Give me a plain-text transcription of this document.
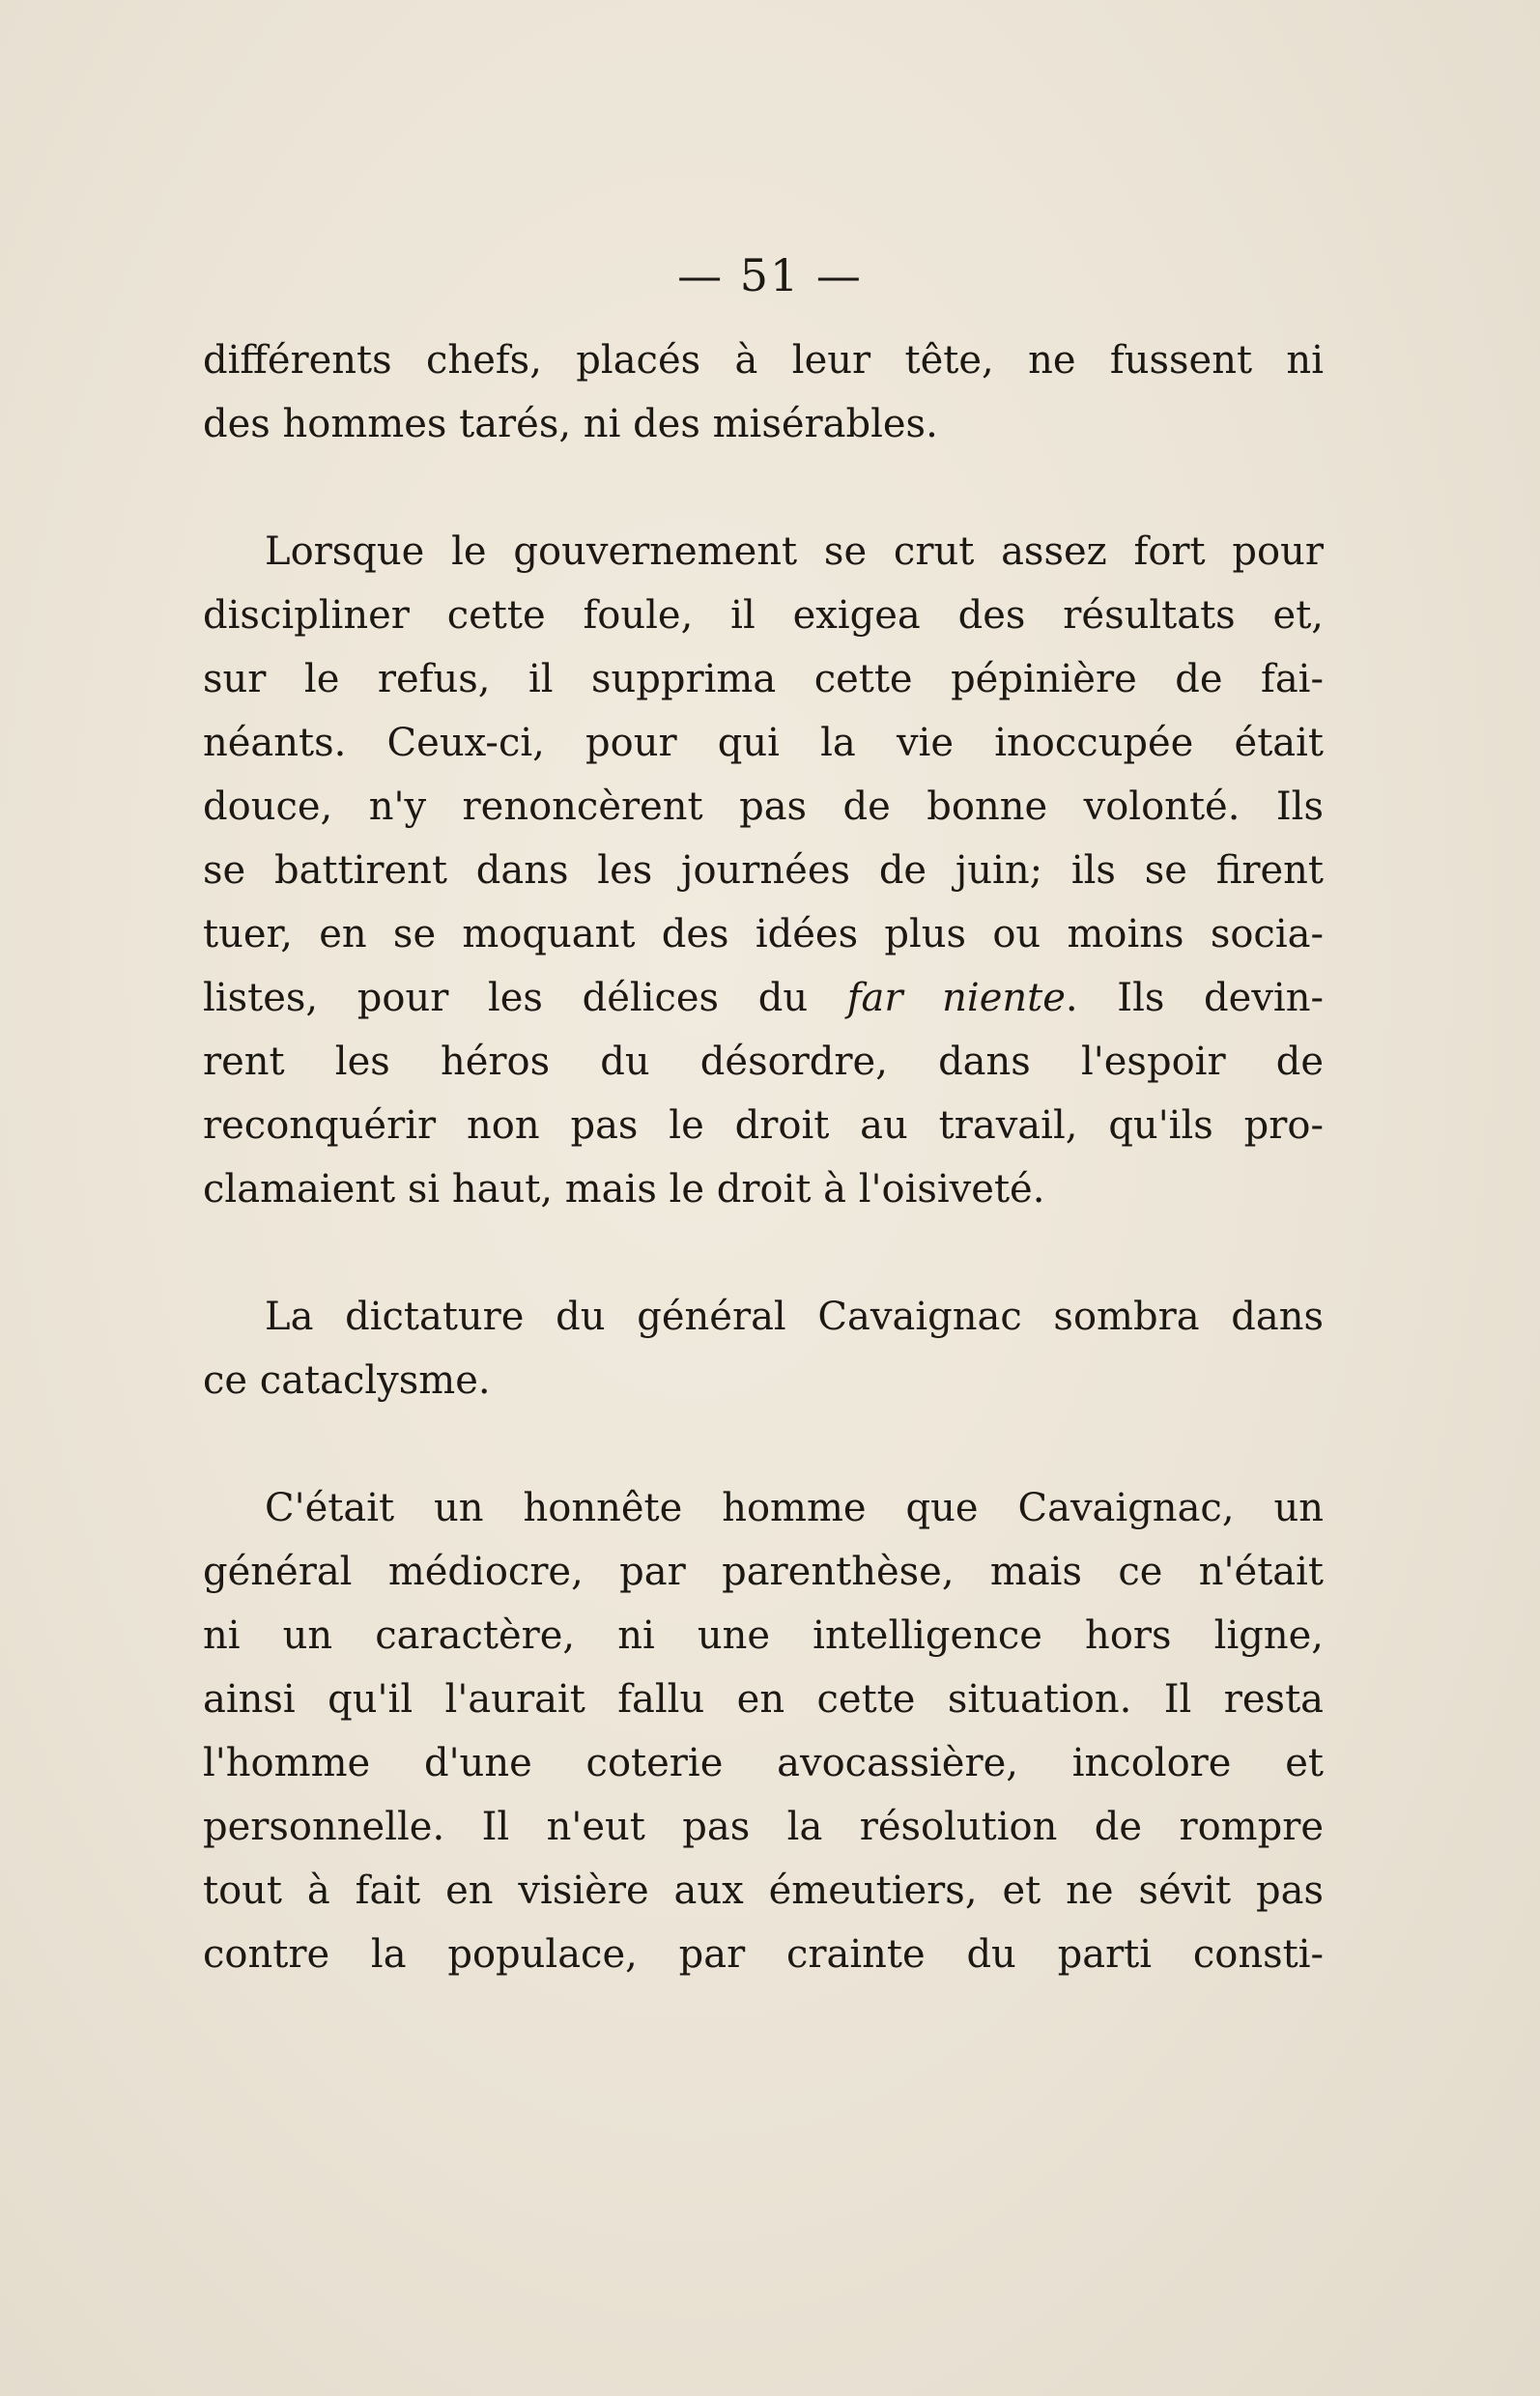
— 51 —
différents chefs, placés à leur tête, ne fussent ni
des hommes tarés, ni des misérables.
Lorsque le gouvernement se crut assez fort pour
discipliner cette foule, il exigea des résultats et,
sur le refus, il supprima cette pépinière de fai-
néants. Ceux-ci, pour qui la vie inoccupée était
douce, n'y renoncèrent pas de bonne volonté. Ils
se battirent dans les journées de juin; ils se firent
tuer, en se moquant des idées plus ou moins socia-
listes, pour les délices du far niente. Ils devin-
rent les héros du désordre, dans l'espoir de
reconquérir non pas le droit au travail, qu'ils pro-
clamaient si haut, mais le droit à l'oisiveté.
La dictature du général Cavaignac sombra dans
ce cataclysme.
C'était un honnête homme que Cavaignac, un
général médiocre, par parenthèse, mais ce n'était
ni un caractère, ni une intelligence hors ligne,
ainsi qu'il l'aurait fallu en cette situation. Il resta
l'homme d'une coterie avocassière, incolore et
personnelle. Il n'eut pas la résolution de rompre
tout à fait en visière aux émeutiers, et ne sévit pas
contre la populace, par crainte du parti consti-
